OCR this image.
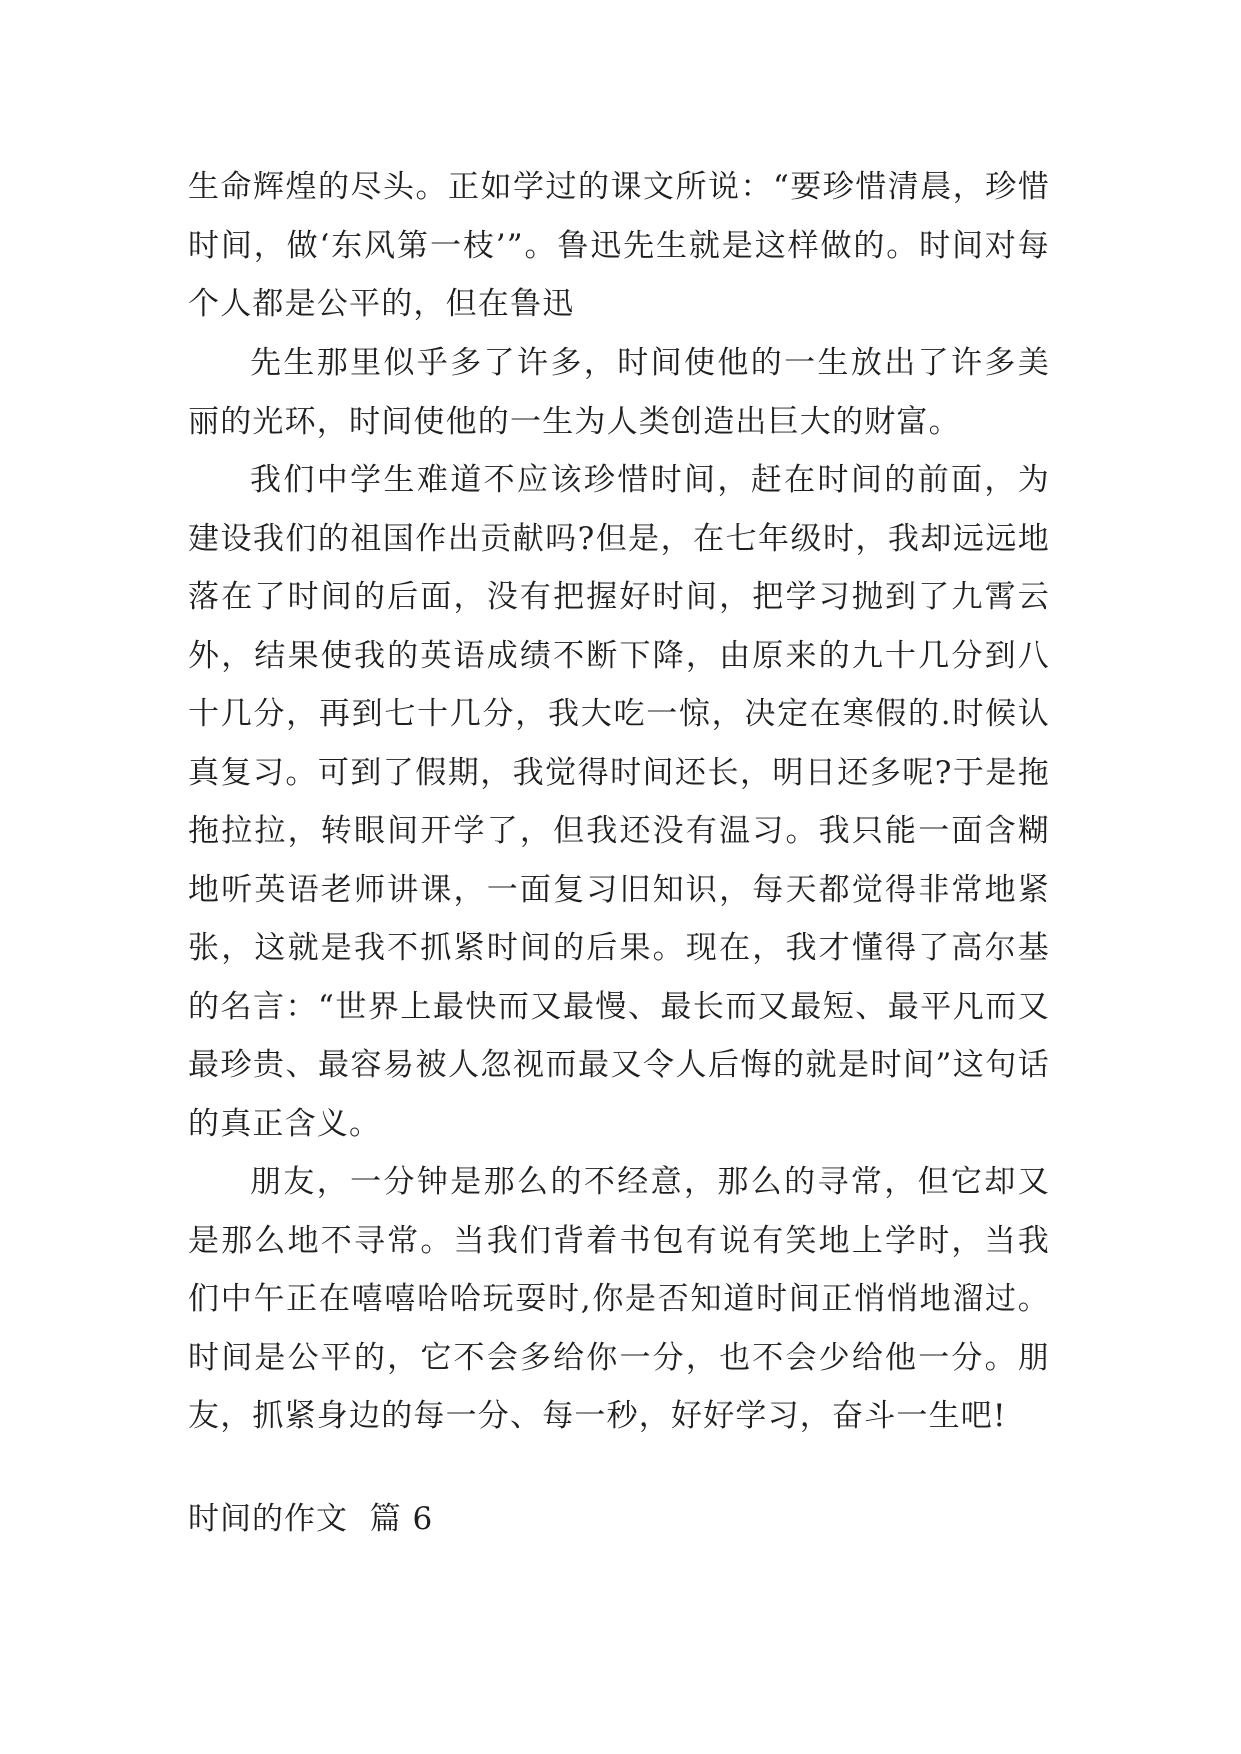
生命辉煌的尽头。正如学过的课文所说：“要珍惜清晨，珍惜时间，做‘东风第一枝’”。鲁迅先生就是这样做的。时间对每个人都是公平的，但在鲁迅

先生那里似乎多了许多，时间使他的一生放出了许多美丽的光环，时间使他的一生为人类创造出巨大的财富。

我们中学生难道不应该珍惜时间，赶在时间的前面，为建设我们的祖国作出贡献吗?但是，在七年级时，我却远远地落在了时间的后面，没有把握好时间，把学习抛到了九霄云外，结果使我的英语成绩不断下降，由原来的九十几分到八十几分，再到七十几分，我大吃一惊，决定在寒假的.时候认真复习。可到了假期，我觉得时间还长，明日还多呢?于是拖拖拉拉，转眼间开学了，但我还没有温习。我只能一面含糊地听英语老师讲课，一面复习旧知识，每天都觉得非常地紧张，这就是我不抓紧时间的后果。现在，我才懂得了高尔基的名言：“世界上最快而又最慢、最长而又最短、最平凡而又最珍贵、最容易被人忽视而最又令人后悔的就是时间”这句话的真正含义。

朋友，一分钟是那么的不经意，那么的寻常，但它却又是那么地不寻常。当我们背着书包有说有笑地上学时，当我们中午正在嘻嘻哈哈玩耍时,你是否知道时间正悄悄地溜过。时间是公平的，它不会多给你一分，也不会少给他一分。朋友，抓紧身边的每一分、每一秒，好好学习，奋斗一生吧!

时间的作文  篇 6
